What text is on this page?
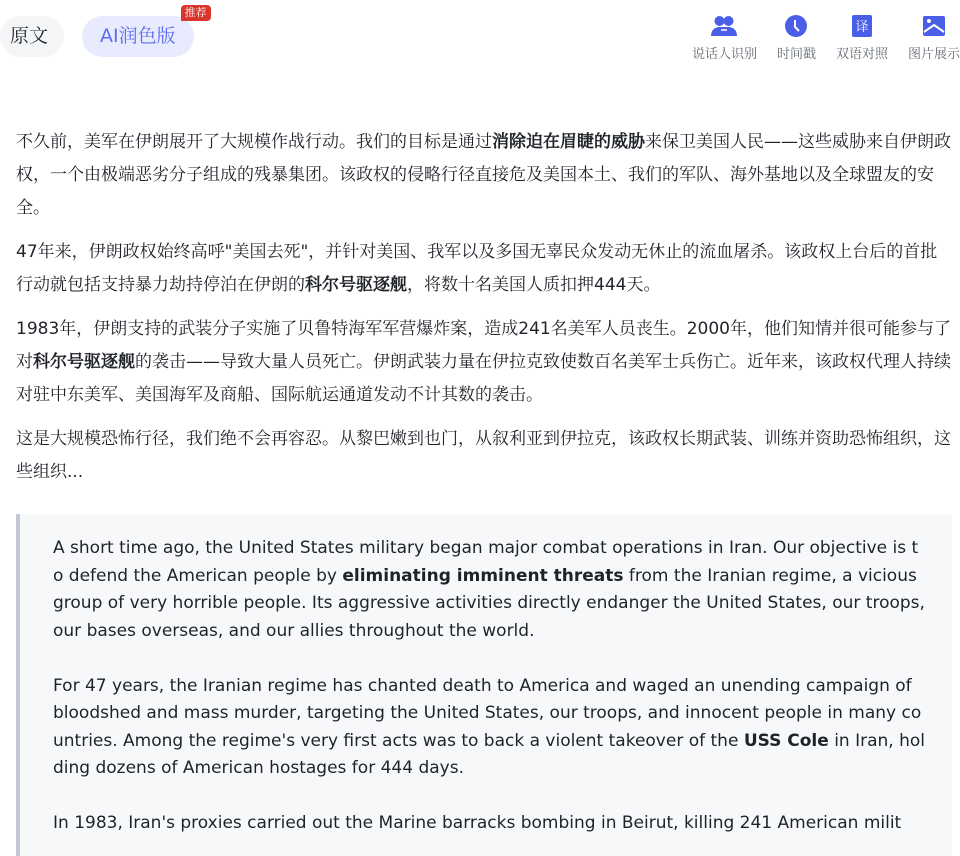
原文	AI润色版
推荐
说话人识别 时间戳
译
双语对照 图片展示

不久前，美军在伊朗展开了大规模作战行动。我们的目标是通过消除迫在眉睫的威胁来保卫美国人民——这些威胁来自伊朗政权，一个由极端恶劣分子组成的残暴集团。该政权的侵略行径直接危及美国本土、我们的军队、海外基地以及全球盟友的安全。

47年来，伊朗政权始终高呼"美国去死"，并针对美国、我军以及多国无辜民众发动无休止的流血屠杀。该政权上台后的首批行动就包括支持暴力劫持停泊在伊朗的科尔号驱逐舰，将数十名美国人质扣押444天。

1983年，伊朗支持的武装分子实施了贝鲁特海军军营爆炸案，造成241名美军人员丧生。2000年，他们知情并很可能参与了对科尔号驱逐舰的袭击——导致大量人员死亡。伊朗武装力量在伊拉克致使数百名美军士兵伤亡。近年来，该政权代理人持续对驻中东美军、美国海军及商船、国际航运通道发动不计其数的袭击。

这是大规模恐怖行径，我们绝不会再容忍。从黎巴嫩到也门，从叙利亚到伊拉克，该政权长期武装、训练并资助恐怖组织，这些组织...

A short time ago, the United States military began major combat operations in Iran. Our objective is to defend the American people by eliminating imminent threats from the Iranian regime, a vicious group of very horrible people. Its aggressive activities directly endanger the United States, our troops, our bases overseas, and our allies throughout the world.

For 47 years, the Iranian regime has chanted death to America and waged an unending campaign of bloodshed and mass murder, targeting the United States, our troops, and innocent people in many countries. Among the regime's very first acts was to back a violent takeover of the USS Cole in Iran, holding dozens of American hostages for 444 days.

In 1983, Iran's proxies carried out the Marine barracks bombing in Beirut, killing 241 American milit
